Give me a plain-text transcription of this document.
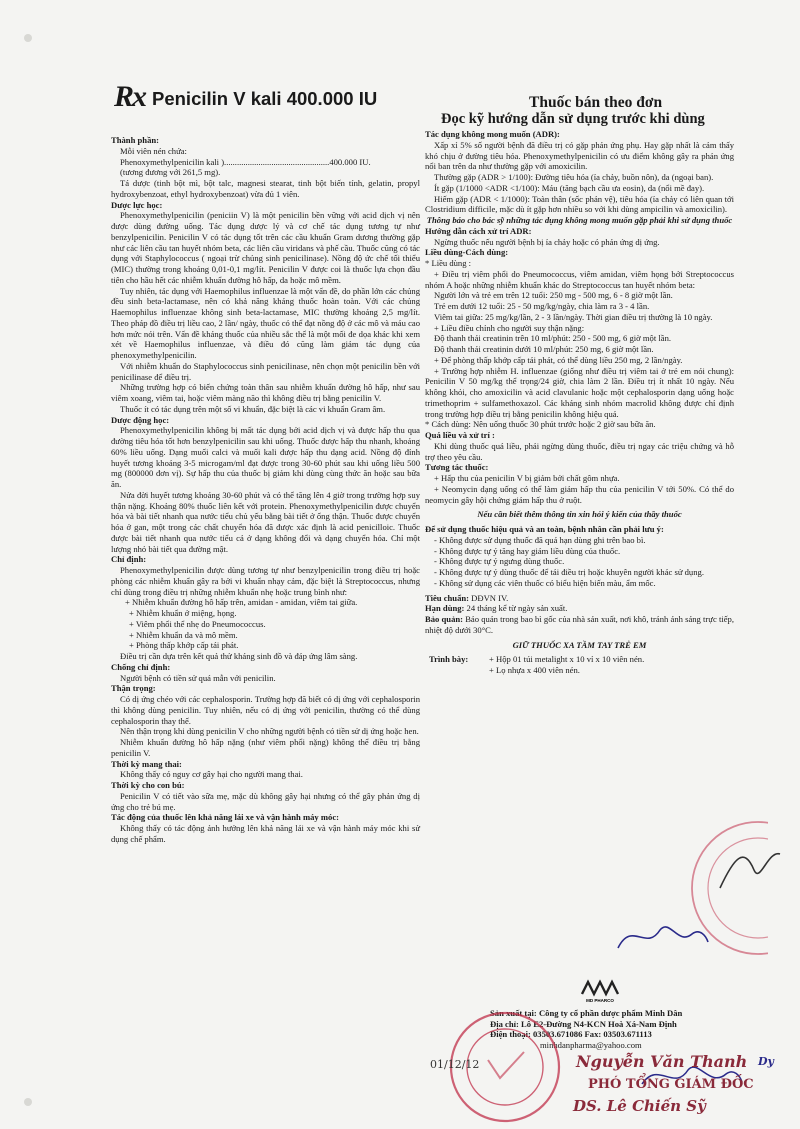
Rx Penicilin V kali 400.000 IU	Thuốc bán theo đơn
Đọc kỹ hướng dẫn sử dụng trước khi dùng

Thành phần:

Mỗi viên nén chứa:

Phenoxymethylpenicilin kali ).................................................400.000 IU.

(tương đương với 261,5 mg).

Tá dược (tinh bột mì, bột talc, magnesi stearat, tinh bột biến tính, gelatin, propyl hydroxybenzoat, ethyl hydroxybenzoat) vừa đủ 1 viên.

Dược lực học:

Phenoxymethylpenicilin (peniciin V) là một penicilin bền vững với acid dịch vị nên được dùng đường uống. Tác dụng dược lý và cơ chế tác dụng tương tự như benzylpenicilin. Penicilin V có tác dụng tốt trên các cầu khuẩn Gram dương thường gặp như các liên cầu tan huyết nhóm beta, các liên cầu viridans và phế cầu. Thuốc cũng có tác dụng với Staphylococcus ( ngoại trừ chủng sinh penicilinase). Nồng độ ức chế tối thiểu (MIC) thường trong khoảng 0,01-0,1 mg/lít. Penicilin V được coi là thuốc lựa chọn đầu tiên cho hầu hết các nhiễm khuẩn đường hô hấp, da hoặc mô mềm.

Tuy nhiên, tác dụng với Haemophilus influenzae là một vấn đề, do phần lớn các chủng đều sinh beta-lactamase, nên có khả năng kháng thuốc hoàn toàn. Với các chủng Haemophilus influenzae không sinh beta-lactamase, MIC thường khoảng 2,5 mg/lít. Theo pháp đồ điều trị liều cao, 2 lần/ ngày, thuốc có thể đạt nồng độ ở các mô và máu cao hơn mức nói trên. Vấn đề kháng thuốc của nhiều sắc thể là một mối đe dọa khác khi xem xét về Haemophilus influenzae, và điều đó cũng làm giảm tác dụng của phenoxymethylpenicilin.

Với nhiễm khuẩn do Staphylococcus sinh penicilinase, nên chọn một penicilin bền với penicilinase để điều trị.

Những trường hợp có biến chứng toàn thân sau nhiễm khuẩn đường hô hấp, như sau viêm xoang, viêm tai, hoặc viêm màng não thì không điều trị bằng penicilin V.

Thuốc ít có tác dụng trên một số vi khuẩn, đặc biệt là các vi khuẩn Gram âm.

Dược động học:

Phenoxymethylpenicilin không bị mất tác dụng bởi acid dịch vị và được hấp thu qua đường tiêu hóa tốt hơn benzylpenicilin sau khi uống. Thuốc được hấp thu nhanh, khoảng 60% liều uống. Dạng muối calci và muối kali được hấp thu dạng acid. Nồng độ đỉnh huyết tương khoảng 3-5 microgam/ml đạt được trong 30-60 phút sau khi uống liều 500 mg (800000 đơn vị). Sự hấp thu của thuốc bị giảm khi dùng cùng thức ăn hoặc sau bữa ăn.

Nửa đời huyết tương khoảng 30-60 phút và có thể tăng lên 4 giờ trong trường hợp suy thận nặng. Khoảng 80% thuốc liên kết với protein. Phenoxymethylpenicilin được chuyển hóa và bài tiết nhanh qua nước tiểu chủ yếu bằng bài tiết ở ống thận. Thuốc được chuyển hóa ở gan, một trong các chất chuyển hóa đã được xác định là acid penicilloic. Thuốc được bài tiết nhanh qua nước tiểu cả ở dạng không đổi và dạng chuyển hóa. Chỉ một lượng nhỏ bài tiết qua đường mật.

Chỉ định:

Phenoxymethylpenicilin được dùng tương tự như benzylpenicilin trong điều trị hoặc phòng các nhiễm khuẩn gây ra bởi vi khuẩn nhạy cảm, đặc biệt là Streptococcus, nhưng chỉ dùng trong điều trị những nhiễm khuẩn nhẹ hoặc trung bình như:

+ Nhiễm khuẩn đường hô hấp trên, amidan - amidan, viêm tai giữa.

+ Nhiễm khuẩn ở miệng, họng.

+ Viêm phổi thể nhẹ do Pneumococcus.

+ Nhiễm khuẩn da và mô mềm.

+ Phòng thấp khớp cấp tái phát.

Điều trị cần dựa trên kết quả thử kháng sinh đồ và đáp ứng lâm sàng.

Chống chỉ định:

Người bệnh có tiền sử quá mẫn với penicilin.

Thận trọng:

Có dị ứng chéo với các cephalosporin. Trường hợp đã biết có dị ứng với cephalosporin thì không dùng penicilin. Tuy nhiên, nếu có dị ứng với penicilin, thường có thể dùng cephalosporin thay thế.

Nên thận trọng khi dùng penicilin V cho những người bệnh có tiền sử dị ứng hoặc hen.

Nhiễm khuẩn đường hô hấp nặng (như viêm phổi nặng) không thể điều trị bằng penicilin V.

Thời kỳ mang thai:

Không thấy có nguy cơ gây hại cho người mang thai.

Thời kỳ cho con bú:

Penicilin V có tiết vào sữa mẹ, mặc dù không gây hại nhưng có thể gây phản ứng dị ứng cho trẻ bú mẹ.

Tác động của thuốc lên khả năng lái xe và vận hành máy móc:

Không thấy có tác động ảnh hưởng lên khả năng lái xe và vận hành máy móc khi sử dụng chế phẩm.

Tác dụng không mong muốn (ADR):

Xấp xỉ 5% số người bệnh đã điều trị có gặp phản ứng phụ. Hay gặp nhất là cảm thấy khó chịu ở đường tiêu hóa. Phenoxymethylpenicilin có ưu điểm không gây ra phản ứng nổi ban trên da như thường gặp với amoxicilin.

Thường gặp (ADR > 1/100): Đường tiêu hóa (ỉa chảy, buồn nôn), da (ngoại ban).

Ít gặp (1/1000 <ADR <1/100): Máu (tăng bạch cầu ưa eosin), da (nổi mề đay).

Hiếm gặp (ADR < 1/1000): Toàn thân (sốc phản vệ), tiêu hóa (ỉa chảy có liên quan tới Clostridium difficile, mặc dù ít gặp hơn nhiều so với khi dùng ampicilin và amoxicilin).

Thông báo cho bác sỹ những tác dụng không mong muốn gặp phải khi sử dụng thuốc

Hướng dẫn cách xử trí ADR:

Ngừng thuốc nếu người bệnh bị ỉa chảy hoặc có phản ứng dị ứng.

Liều dùng-Cách dùng:

* Liều dùng :

+ Điều trị viêm phổi do Pneumococcus, viêm amidan, viêm họng bởi Streptococcus nhóm A hoặc những nhiễm khuẩn khác do Streptococcus tan huyết nhóm beta:

Người lớn và trẻ em trên 12 tuổi: 250 mg - 500 mg, 6 - 8 giờ một lần.

Trẻ em dưới 12 tuổi: 25 - 50 mg/kg/ngày, chia làm ra 3 - 4 lần.

Viêm tai giữa: 25 mg/kg/lần, 2 - 3 lần/ngày. Thời gian điều trị thường là 10 ngày.

+ Liều điều chỉnh cho người suy thận nặng:

Độ thanh thải creatinin trên 10 ml/phút: 250 - 500 mg, 6 giờ một lần.

Độ thanh thải creatinin dưới 10 ml/phút: 250 mg, 6 giờ một lần.

+ Để phòng thấp khớp cấp tái phát, có thể dùng liều 250 mg, 2 lần/ngày.

+ Trường hợp nhiễm H. influenzae (giống như điều trị viêm tai ở trẻ em nói chung): Penicilin V 50 mg/kg thể trọng/24 giờ, chia làm 2 lần. Điều trị ít nhất 10 ngày. Nếu không khỏi, cho amoxicilin và acid clavulanic hoặc một cephalosporin dạng uống hoặc trimethoprim + sulfamethoxazol. Các kháng sinh nhóm macrolid không được chỉ định trong trường hợp điều trị bằng penicilin không hiệu quả.

* Cách dùng: Nên uống thuốc 30 phút trước hoặc 2 giờ sau bữa ăn.

Quá liều và xử trí :

Khi dùng thuốc quá liều, phải ngừng dùng thuốc, điều trị ngay các triệu chứng và hỗ trợ theo yêu cầu.

Tương tác thuốc:

+ Hấp thu của penicilin V bị giảm bởi chất gôm nhựa.

+ Neomycin dạng uống có thể làm giảm hấp thu của penicilin V tới 50%. Có thể do neomycin gây hội chứng giảm hấp thu ở ruột.

Nếu cần biết thêm thông tin xin hỏi ý kiến của thầy thuốc

Để sử dụng thuốc hiệu quả và an toàn, bệnh nhân cần phải lưu ý:

- Không được sử dụng thuốc đã quá hạn dùng ghi trên bao bì.

- Không được tự ý tăng hay giảm liều dùng của thuốc.

- Không được tự ý ngưng dùng thuốc.

- Không được tự ý dùng thuốc để tái điều trị hoặc khuyên người khác sử dụng.

- Không sử dụng các viên thuốc có biểu hiện biến màu, ẩm mốc.

Tiêu chuẩn: DĐVN IV.

Hạn dùng: 24 tháng kể từ ngày sản xuất.

Bảo quản: Bảo quản trong bao bì gốc của nhà sản xuất, nơi khô, tránh ánh sáng trực tiếp, nhiệt độ dưới 30°C.

GIỮ THUỐC XA TẦM TAY TRẺ EM

Trình bày: + Hộp 01 túi metalight x 10 vỉ x 10 viên nén.

+ Lọ nhựa x 400 viên nén.

MD PHARCO

Sản xuất tại: Công ty cổ phần dược phẩm Minh Dân

Địa chỉ: Lô E2-Đường N4-KCN Hoà Xá-Nam Định

Điện thoại: 03503.671086 Fax: 03503.671113

minhdanpharma@yahoo.com

01/12/12	Nguyễn Văn Thanh
PHÓ TỔNG GIÁM ĐỐC
DS. Lê Chiến Sỹ
Dy
